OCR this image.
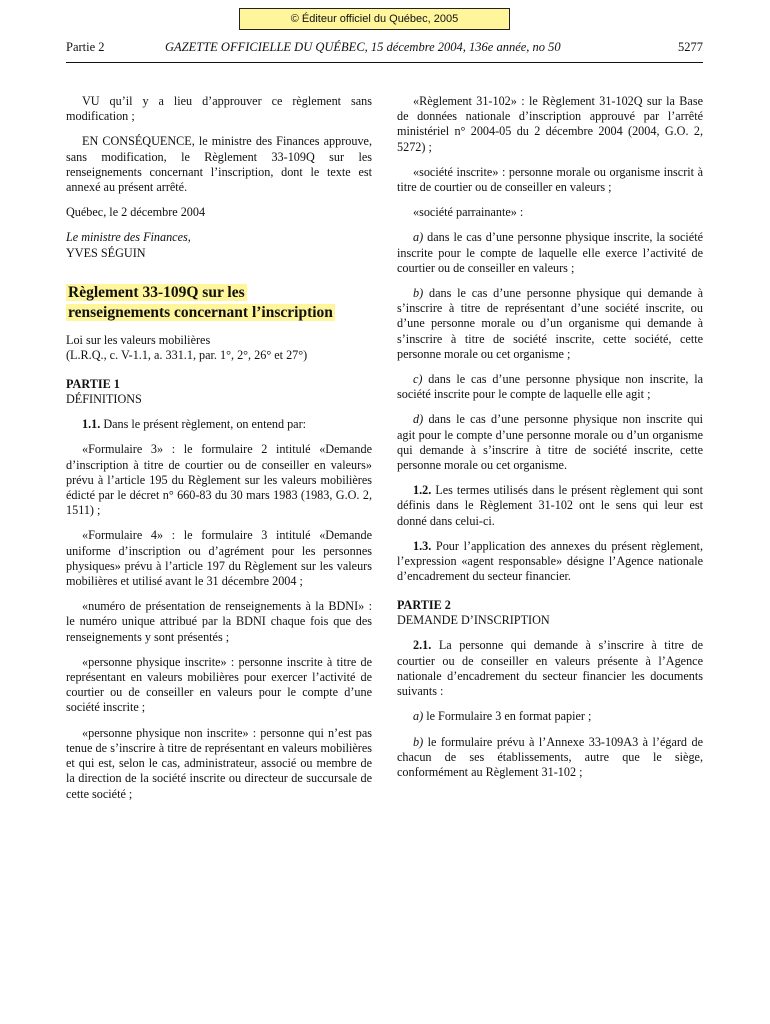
© Éditeur officiel du Québec, 2005
Partie 2	GAZETTE OFFICIELLE DU QUÉBEC, 15 décembre 2004, 136e année, no 50	5277

VU qu’il y a lieu d’approuver ce règlement sans modification ;

EN CONSÉQUENCE, le ministre des Finances approuve, sans modification, le Règlement 33-109Q sur les renseignements concernant l’inscription, dont le texte est annexé au présent arrêté.

Québec, le 2 décembre 2004

Le ministre des Finances,

YVES SÉGUIN

Règlement 33-109Q sur les
renseignements concernant l’inscription

Loi sur les valeurs mobilières

(L.R.Q., c. V-1.1, a. 331.1, par. 1°, 2°, 26° et 27°)

PARTIE 1
DÉFINITIONS

1.1. Dans le présent règlement, on entend par:

«Formulaire 3» : le formulaire 2 intitulé «Demande d’inscription à titre de courtier ou de conseiller en valeurs» prévu à l’article 195 du Règlement sur les valeurs mobilières édicté par le décret n° 660-83 du 30 mars 1983 (1983, G.O. 2, 1511) ;

«Formulaire 4» : le formulaire 3 intitulé «Demande uniforme d’inscription ou d’agrément pour les personnes physiques» prévu à l’article 197 du Règlement sur les valeurs mobilières et utilisé avant le 31 décembre 2004 ;

«numéro de présentation de renseignements à la BDNI» : le numéro unique attribué par la BDNI chaque fois que des renseignements y sont présentés ;

«personne physique inscrite» : personne inscrite à titre de représentant en valeurs mobilières pour exercer l’activité de courtier ou de conseiller en valeurs pour le compte d’une société inscrite ;

«personne physique non inscrite» : personne qui n’est pas tenue de s’inscrire à titre de représentant en valeurs mobilières et qui est, selon le cas, administrateur, associé ou membre de la direction de la société inscrite ou directeur de succursale de cette société ;

«Règlement 31-102» : le Règlement 31-102Q sur la Base de données nationale d’inscription approuvé par l’arrêté ministériel n° 2004-05 du 2 décembre 2004 (2004, G.O. 2, 5272) ;

«société inscrite» : personne morale ou organisme inscrit à titre de courtier ou de conseiller en valeurs ;

«société parrainante» :

a) dans le cas d’une personne physique inscrite, la société inscrite pour le compte de laquelle elle exerce l’activité de courtier ou de conseiller en valeurs ;

b) dans le cas d’une personne physique qui demande à s’inscrire à titre de représentant d’une société inscrite, ou d’une personne morale ou d’un organisme qui demande à s’inscrire à titre de société inscrite, cette société, cette personne morale ou cet organisme ;

c) dans le cas d’une personne physique non inscrite, la société inscrite pour le compte de laquelle elle agit ;

d) dans le cas d’une personne physique non inscrite qui agit pour le compte d’une personne morale ou d’un organisme qui demande à s’inscrire à titre de société inscrite, cette personne morale ou cet organisme.

1.2. Les termes utilisés dans le présent règlement qui sont définis dans le Règlement 31-102 ont le sens qui leur est donné dans celui-ci.

1.3. Pour l’application des annexes du présent règlement, l’expression «agent responsable» désigne l’Agence nationale d’encadrement du secteur financier.

PARTIE 2
DEMANDE D’INSCRIPTION

2.1. La personne qui demande à s’inscrire à titre de courtier ou de conseiller en valeurs présente à l’Agence nationale d’encadrement du secteur financier les documents suivants :

a) le Formulaire 3 en format papier ;

b) le formulaire prévu à l’Annexe 33-109A3 à l’égard de chacun de ses établissements, autre que le siège, conformément au Règlement 31-102 ;
